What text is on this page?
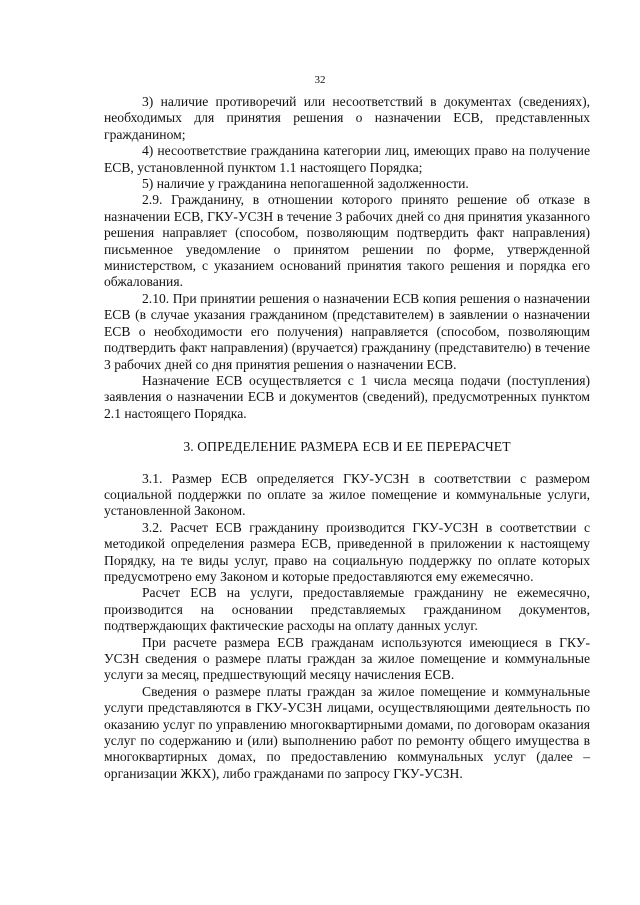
32

3) наличие противоречий или несоответствий в документах (сведениях), необходимых для принятия решения о назначении ЕСВ, представленных гражданином;

4) несоответствие гражданина категории лиц, имеющих право на получение ЕСВ, установленной пунктом 1.1 настоящего Порядка;

5) наличие у гражданина непогашенной задолженности.

2.9. Гражданину, в отношении которого принято решение об отказе в назначении ЕСВ, ГКУ-УСЗН в течение 3 рабочих дней со дня принятия указанного решения направляет (способом, позволяющим подтвердить факт направления) письменное уведомление о принятом решении по форме, утвержденной министерством, с указанием оснований принятия такого решения и порядка его обжалования.

2.10. При принятии решения о назначении ЕСВ копия решения о назначении ЕСВ (в случае указания гражданином (представителем) в заявлении о назначении ЕСВ о необходимости его получения) направляется (способом, позволяющим подтвердить факт направления) (вручается) гражданину (представителю) в течение 3 рабочих дней со дня принятия решения о назначении ЕСВ.

Назначение ЕСВ осуществляется с 1 числа месяца подачи (поступления) заявления о назначении ЕСВ и документов (сведений), предусмотренных пунктом 2.1 настоящего Порядка.

3. ОПРЕДЕЛЕНИЕ РАЗМЕРА ЕСВ И ЕЕ ПЕРЕРАСЧЕТ

3.1. Размер ЕСВ определяется ГКУ-УСЗН в соответствии с размером социальной поддержки по оплате за жилое помещение и коммунальные услуги, установленной Законом.

3.2. Расчет ЕСВ гражданину производится ГКУ-УСЗН в соответствии с методикой определения размера ЕСВ, приведенной в приложении к настоящему Порядку, на те виды услуг, право на социальную поддержку по оплате которых предусмотрено ему Законом и которые предоставляются ему ежемесячно.

Расчет ЕСВ на услуги, предоставляемые гражданину не ежемесячно, производится на основании представляемых гражданином документов, подтверждающих фактические расходы на оплату данных услуг.

При расчете размера ЕСВ гражданам используются имеющиеся в ГКУ-УСЗН сведения о размере платы граждан за жилое помещение и коммунальные услуги за месяц, предшествующий месяцу начисления ЕСВ.

Сведения о размере платы граждан за жилое помещение и коммунальные услуги представляются в ГКУ-УСЗН лицами, осуществляющими деятельность по оказанию услуг по управлению многоквартирными домами, по договорам оказания услуг по содержанию и (или) выполнению работ по ремонту общего имущества в многоквартирных домах, по предоставлению коммунальных услуг (далее – организации ЖКХ), либо гражданами по запросу ГКУ-УСЗН.
